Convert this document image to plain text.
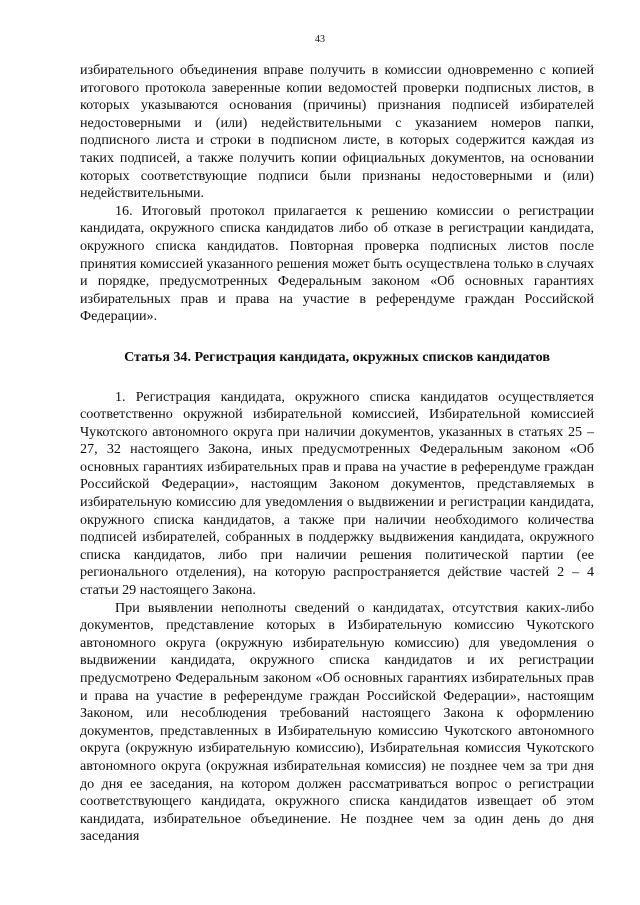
43

избирательного объединения вправе получить в комиссии одновременно с копией итогового протокола заверенные копии ведомостей проверки подписных листов, в которых указываются основания (причины) признания подписей избирателей недостоверными и (или) недействительными с указанием номеров папки, подписного листа и строки в подписном листе, в которых содержится каждая из таких подписей, а также получить копии официальных документов, на основании которых соответствующие подписи были признаны недостоверными и (или) недействительными.

16. Итоговый протокол прилагается к решению комиссии о регистрации кандидата, окружного списка кандидатов либо об отказе в регистрации кандидата, окружного списка кандидатов. Повторная проверка подписных листов после принятия комиссией указанного решения может быть осуществлена только в случаях и порядке, предусмотренных Федеральным законом «Об основных гарантиях избирательных прав и права на участие в референдуме граждан Российской Федерации».

Статья 34. Регистрация кандидата, окружных списков кандидатов

1. Регистрация кандидата, окружного списка кандидатов осуществляется соответственно окружной избирательной комиссией, Избирательной комиссией Чукотского автономного округа при наличии документов, указанных в статьях 25 – 27, 32 настоящего Закона, иных предусмотренных Федеральным законом «Об основных гарантиях избирательных прав и права на участие в референдуме граждан Российской Федерации», настоящим Законом документов, представляемых в избирательную комиссию для уведомления о выдвижении и регистрации кандидата, окружного списка кандидатов, а также при наличии необходимого количества подписей избирателей, собранных в поддержку выдвижения кандидата, окружного списка кандидатов, либо при наличии решения политической партии (ее регионального отделения), на которую распространяется действие частей 2 – 4 статьи 29 настоящего Закона.

При выявлении неполноты сведений о кандидатах, отсутствия каких-либо документов, представление которых в Избирательную комиссию Чукотского автономного округа (окружную избирательную комиссию) для уведомления о выдвижении кандидата, окружного списка кандидатов и их регистрации предусмотрено Федеральным законом «Об основных гарантиях избирательных прав и права на участие в референдуме граждан Российской Федерации», настоящим Законом, или несоблюдения требований настоящего Закона к оформлению документов, представленных в Избирательную комиссию Чукотского автономного округа (окружную избирательную комиссию), Избирательная комиссия Чукотского автономного округа (окружная избирательная комиссия) не позднее чем за три дня до дня ее заседания, на котором должен рассматриваться вопрос о регистрации соответствующего кандидата, окружного списка кандидатов извещает об этом кандидата, избирательное объединение. Не позднее чем за один день до дня заседания
